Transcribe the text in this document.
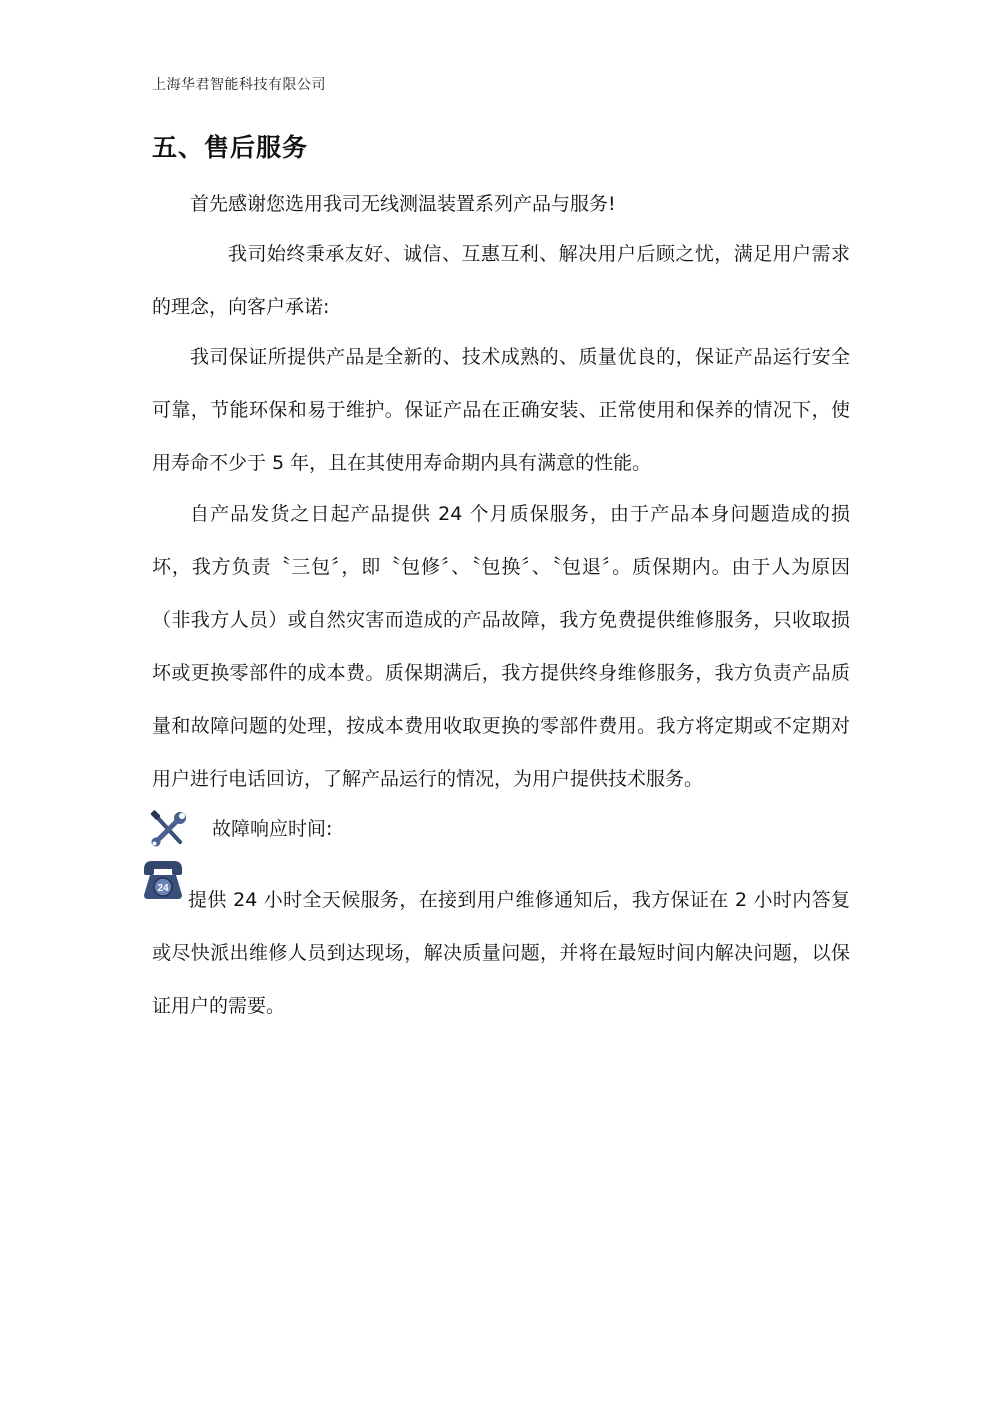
上海华君智能科技有限公司
五、售后服务

首先感谢您选用我司无线测温装置系列产品与服务!

我司始终秉承友好、诚信、互惠互利、解决用户后顾之忧，满足用户需求的理念，向客户承诺:

我司保证所提供产品是全新的、技术成熟的、质量优良的，保证产品运行安全可靠，节能环保和易于维护。保证产品在正确安装、正常使用和保养的情况下，使用寿命不少于 5 年，且在其使用寿命期内具有满意的性能。

自产品发货之日起产品提供 24 个月质保服务，由于产品本身问题造成的损坏，我方负责〝三包〞，即〝包修〞、〝包换〞、〝包退〞。质保期内。由于人为原因（非我方人员）或自然灾害而造成的产品故障，我方免费提供维修服务，只收取损坏或更换零部件的成本费。质保期满后，我方提供终身维修服务，我方负责产品质量和故障问题的处理，按成本费用收取更换的零部件费用。我方将定期或不定期对用户进行电话回访，了解产品运行的情况，为用户提供技术服务。

故障响应时间:
24

提供 24 小时全天候服务，在接到用户维修通知后，我方保证在 2 小时内答复或尽快派出维修人员到达现场，解决质量问题，并将在最短时间内解决问题，以保证用户的需要。
